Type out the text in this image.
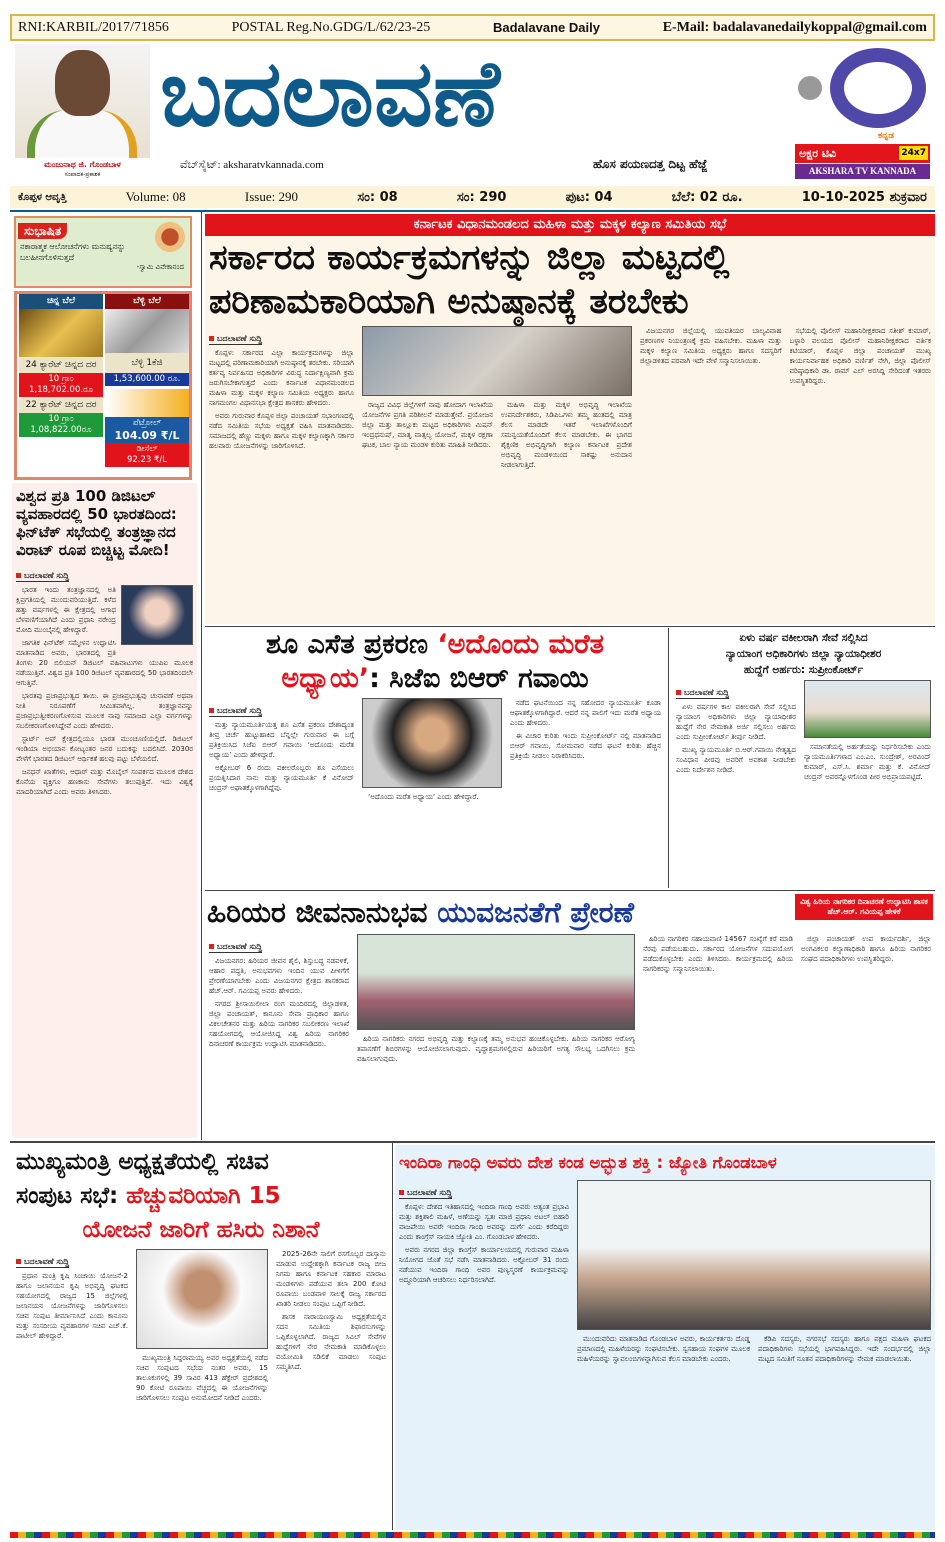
RNI:KARBIL/2017/71856	POSTAL Reg.No.GDG/L/62/23-25	Badalavane Daily	E-Mail: badalavanedailykoppal@gmail.com
ಮಂಜುನಾಥ ಜಿ. ಗೊಂಡಬಾಳ
ಸಂಪಾದಕ-ಪ್ರಕಾಶಕ
ಬದಲಾವಣೆ
ವೆಬ್‌ಸೈಟ್: aksharatvkannada.com	ಹೊಸ ಪಯಣದತ್ತ ದಿಟ್ಟ ಹೆಜ್ಜೆ
ಕನ್ನಡ
ಅಕ್ಷರ ಟಿವಿ	24x7
AKSHARA TV KANNADA
ಕೊಪ್ಪಳ ಆವೃತ್ತಿ	Volume: 08	Issue: 290	ಸಂ: 08	ಸಂ: 290	ಪುಟ: 04	ಬೆಲೆ: 02 ರೂ.	10-10-2025 ಶುಕ್ರವಾರ
ಸುಭಾಷಿತ
ನಕಾರಾತ್ಮಕ ಆಲೋಚನೆಗಳು ಮನುಷ್ಯನನ್ನು ಬಲಹೀನಗೊಳಿಸುತ್ತದೆ
-ಸ್ವಾಮಿ ವಿವೇಕಾನಂದ
ಚಿನ್ನ ಬೆಲೆ
24 ಕ್ಯಾರೆಟ್ ಚಿನ್ನದ ದರ
10 ಗ್ರಾಂ
1,18,702.00.ರೂ
22 ಕ್ಯಾರೆಟ್ ಚಿನ್ನದ ದರ
10 ಗ್ರಾಂ
1,08,822.00ರೂ
ಬೆಳ್ಳಿ ಬೆಲೆ
ಬೆಳ್ಳಿ 1ಕೆಜಿ
1,53,600.00 ರೂ.
ಪೆಟ್ರೋಲ್
104.09 ₹/L
ಡೀಸೆಲ್
92.23 ₹/L
ವಿಶ್ವದ ಪ್ರತಿ 100 ಡಿಜಿಟಲ್ ವ್ಯವಹಾರದಲ್ಲಿ 50 ಭಾರತದಿಂದ: ಫಿನ್‌ಟೆಕ್ ಸಭೆಯಲ್ಲಿ ತಂತ್ರಜ್ಞಾನದ ವಿರಾಟ್ ರೂಪ ಬಿಚ್ಚಿಟ್ಟ ಮೋದಿ!
ಬದಲಾವಣೆ ಸುದ್ದಿ

ಭಾರತ ಇಂದು ತಂತ್ರಜ್ಞಾನದಲ್ಲಿ ಅತಿ ಕ್ಷಿಪ್ರಗತಿಯಲ್ಲಿ ಮುಂದುವರಿಯುತ್ತಿದೆ. ಕಳೆದ ಹತ್ತು ವರ್ಷಗಳಲ್ಲಿ ಈ ಕ್ಷೇತ್ರದಲ್ಲಿ ಅಗಾಧ ಬೆಳವಣಿಗೆಯಾಗಿದೆ ಎಂದು ಪ್ರಧಾನಿ ನರೇಂದ್ರ ಮೋದಿ ಮುಂಬೈನಲ್ಲಿ ಹೇಳಿದ್ದಾರೆ.

ಜಾಗತಿಕ ಫಿನ್‌ಟೆಕ್ ಸಮ್ಮೇಳನ ಉದ್ಘಾಟಿಸಿ ಮಾತನಾಡಿದ ಅವರು, ಭಾರತದಲ್ಲಿ ಪ್ರತಿ ತಿಂಗಳು 20 ಬಿಲಿಯನ್ ಡಿಜಿಟಲ್ ವಹಿವಾಟುಗಳು ಯುಪಿಐ ಮೂಲಕ ನಡೆಯುತ್ತಿವೆ. ವಿಶ್ವದ ಪ್ರತಿ 100 ಡಿಜಿಟಲ್ ವ್ಯವಹಾರದಲ್ಲಿ 50 ಭಾರತದಿಂದಲೇ ಆಗುತ್ತಿವೆ.

ಭಾರತವು ಪ್ರಜಾಪ್ರಭುತ್ವದ ತಾಯಿ. ಈ ಪ್ರಜಾಪ್ರಭುತ್ವವು ಚುನಾವಣೆ ಅಥವಾ ನೀತಿ ನಿರೂಪಣೆಗೆ ಸೀಮಿತವಾಗಿಲ್ಲ. ತಂತ್ರಜ್ಞಾನವನ್ನು ಪ್ರಜಾಪ್ರಭುತ್ವೀಕರಣಗೊಳಿಸುವ ಮೂಲಕ ನಾವು ಸಮಾಜದ ಎಲ್ಲಾ ವರ್ಗಗಳನ್ನು ಸಬಲೀಕರಣಗೊಳಿಸಿದ್ದೇವೆ ಎಂದು ಹೇಳಿದರು.

ಸ್ಟಾರ್ಟ್ ಅಪ್ ಕ್ಷೇತ್ರದಲ್ಲಿಯೂ ಭಾರತ ಮುಂಚೂಣಿಯಲ್ಲಿದೆ. ಡಿಜಿಟಲ್ ಇಂಡಿಯಾ ಅಭಿಯಾನ ಕೋಟ್ಯಂತರ ಜನರ ಬದುಕನ್ನು ಬದಲಿಸಿದೆ. 2030ರ ವೇಳೆಗೆ ಭಾರತದ ಡಿಜಿಟಲ್ ಆರ್ಥಿಕತೆ ಹಲವು ಪಟ್ಟು ಬೆಳೆಯಲಿದೆ.

ಜನಧನ್ ಖಾತೆಗಳು, ಆಧಾರ್ ಮತ್ತು ಮೊಬೈಲ್ ಸಂಪರ್ಕದ ಮೂಲಕ ದೇಶದ ಕೊನೆಯ ವ್ಯಕ್ತಿಗೂ ಹಣಕಾಸು ಸೇವೆಗಳು ತಲುಪುತ್ತಿವೆ. ಇದು ವಿಶ್ವಕ್ಕೆ ಮಾದರಿಯಾಗಿದೆ ಎಂದು ಅವರು ತಿಳಿಸಿದರು.

ಕರ್ನಾಟಕ ವಿಧಾನಮಂಡಲದ ಮಹಿಳಾ ಮತ್ತು ಮಕ್ಕಳ ಕಲ್ಯಾಣ ಸಮಿತಿಯ ಸಭೆ
ಸರ್ಕಾರದ ಕಾರ್ಯಕ್ರಮಗಳನ್ನು ಜಿಲ್ಲಾ ಮಟ್ಟದಲ್ಲಿ
ಪರಿಣಾಮಕಾರಿಯಾಗಿ ಅನುಷ್ಠಾನಕ್ಕೆ ತರಬೇಕು
ಬದಲಾವಣೆ ಸುದ್ದಿ

ಕೊಪ್ಪಳ: ಸರ್ಕಾರದ ಎಲ್ಲಾ ಕಾರ್ಯಕ್ರಮಗಳನ್ನು ಜಿಲ್ಲಾ ಮಟ್ಟದಲ್ಲಿ ಪರಿಣಾಮಕಾರಿಯಾಗಿ ಅನುಷ್ಠಾನಕ್ಕೆ ತರಬೇಕು. ಸರಿಯಾಗಿ ಕರ್ತವ್ಯ ನಿರ್ವಹಿಸದ ಅಧಿಕಾರಿಗಳ ವಿರುದ್ಧ ನಿರ್ದಾಕ್ಷಿಣ್ಯವಾಗಿ ಕ್ರಮ ಜರುಗಿಸಬೇಕಾಗುತ್ತದೆ ಎಂದು ಕರ್ನಾಟಕ ವಿಧಾನಮಂಡಲದ ಮಹಿಳಾ ಮತ್ತು ಮಕ್ಕಳ ಕಲ್ಯಾಣ ಸಮಿತಿಯ ಅಧ್ಯಕ್ಷರು ಹಾಗೂ ನಾಗಮಂಗಲ ವಿಧಾನಸಭಾ ಕ್ಷೇತ್ರದ ಶಾಸಕರು ಹೇಳಿದರು.

ಅವರು ಗುರುವಾರ ಕೊಪ್ಪಳ ಜಿಲ್ಲಾ ಪಂಚಾಯತ್ ಸಭಾಂಗಣದಲ್ಲಿ ನಡೆದ ಸಮಿತಿಯ ಸಭೆಯ ಅಧ್ಯಕ್ಷತೆ ವಹಿಸಿ ಮಾತನಾಡಿದರು. ಸಮಾಜದಲ್ಲಿ ಹೆಣ್ಣು ಮಕ್ಕಳು ಹಾಗೂ ಮಕ್ಕಳ ಕಲ್ಯಾಣಕ್ಕಾಗಿ ಸರ್ಕಾರ ಹಲವಾರು ಯೋಜನೆಗಳನ್ನು ಜಾರಿಗೊಳಿಸಿದೆ.

ರಾಜ್ಯದ ವಿವಿಧ ಜಿಲ್ಲೆಗಳಿಗೆ ನಾವು ಹೋದಾಗ ಇಲಾಖೆಯ ಯೋಜನೆಗಳ ಪ್ರಗತಿ ಪರಿಶೀಲನೆ ಮಾಡುತ್ತೇವೆ. ಪ್ರಯೋಜನ ಜಿಲ್ಲಾ ಮತ್ತು ತಾಲ್ಲೂಕು ಮಟ್ಟದ ಅಧಿಕಾರಿಗಳು ಮಿಷನ್ ಇಂದ್ರಧನುಷ್, ಮಾತೃ ವಾತ್ಸಲ್ಯ ಯೋಜನೆ, ಮಕ್ಕಳ ರಕ್ಷಣಾ ಘಟಕ, ಬಾಲ ನ್ಯಾಯ ಮಂಡಳಿ ಕುರಿತು ಮಾಹಿತಿ ನೀಡಿದರು.

ಮಹಿಳಾ ಮತ್ತು ಮಕ್ಕಳ ಅಭಿವೃದ್ಧಿ ಇಲಾಖೆಯ ಉಪನಿರ್ದೇಶಕರು, ಸಿಡಿಪಿಒಗಳು ತಮ್ಮ ಹಂತದಲ್ಲಿ ಮಾತ್ರ ಕೆಲಸ ಮಾಡದೇ ಇತರೆ ಇಲಾಖೆಗಳೊಂದಿಗೆ ಸಮನ್ವಯತೆಯೊಂದಿಗೆ ಕೆಲಸ ಮಾಡಬೇಕು. ಈ ಭಾಗದ ಶೈಕ್ಷಣಿಕ ಅಭಿವೃದ್ಧಿಗಾಗಿ ಕಲ್ಯಾಣ ಕರ್ನಾಟಕ ಪ್ರದೇಶ ಅಭಿವೃದ್ಧಿ ಮಂಡಳಿಯಿಂದ ಸಾಕಷ್ಟು ಅನುದಾನ ನೀಡಲಾಗುತ್ತಿದೆ.

ವಿಜಯನಗರ ಜಿಲ್ಲೆಯಲ್ಲಿ ಯುವತಿಯರ ಬಾಲ್ಯವಿವಾಹ ಪ್ರಕರಣಗಳ ನಿಯಂತ್ರಣಕ್ಕೆ ಕ್ರಮ ವಹಿಸಬೇಕು. ಮಹಿಳಾ ಮತ್ತು ಮಕ್ಕಳ ಕಲ್ಯಾಣ ಸಮಿತಿಯ ಅಧ್ಯಕ್ಷರು ಹಾಗೂ ಸದಸ್ಯರಿಗೆ ಜಿಲ್ಲಾಡಳಿತದ ಪರವಾಗಿ ಇದೇ ವೇಳೆ ಸನ್ಮಾನಿಸಲಾಯಿತು.

ಸಭೆಯಲ್ಲಿ ಪೊಲೀಸ್ ಮಹಾನಿರೀಕ್ಷಕರಾದ ಸತೀಶ್ ಕುಮಾರ್, ಬಳ್ಳಾರಿ ವಲಯದ ಪೊಲೀಸ್ ಮಹಾನಿರೀಕ್ಷಕರಾದ ವರ್ತಿಕ ಕಟಿಯಾರ್, ಕೊಪ್ಪಳ ಜಿಲ್ಲಾ ಪಂಚಾಯತ್ ಮುಖ್ಯ ಕಾರ್ಯನಿರ್ವಾಹಕ ಅಧಿಕಾರಿ ವರ್ಣಿತ್ ನೇಗಿ, ಜಿಲ್ಲಾ ಪೊಲೀಸ್ ವರಿಷ್ಠಾಧಿಕಾರಿ ಡಾ. ರಾಮ್ ಎಲ್ ಅರಸಿದ್ದಿ ಸೇರಿದಂತೆ ಇತರರು ಉಪಸ್ಥಿತರಿದ್ದರು.

ಶೂ ಎಸೆತ ಪ್ರಕರಣ ‘ಅದೊಂದು ಮರೆತ
ಅಧ್ಯಾಯ’: ಸಿಜೆಐ ಬಿಆರ್ ಗವಾಯಿ
ಬದಲಾವಣೆ ಸುದ್ದಿ

ಮತ್ತು ನ್ಯಾಯಮೂರ್ತಿಯತ್ತ ಶೂ ಎಸೆತ ಪ್ರಕರಣ ದೇಶಾದ್ಯಂತ ತೀವ್ರ ಚರ್ಚೆ ಹುಟ್ಟುಹಾಕಿದ ಬೆನ್ನಲ್ಲೇ ಗುರುವಾರ ಈ ಬಗ್ಗೆ ಪ್ರತಿಕ್ರಿಯಿಸಿದ ಸಿಜೆಐ ಬಿಆರ್ ಗವಾಯಿ ‘ಅದೊಂದು ಮರೆತ ಅಧ್ಯಾಯ’ ಎಂದು ಹೇಳಿದ್ದಾರೆ.

ಅಕ್ಟೋಬರ್ 6 ರಂದು ವಕೀಲರೊಬ್ಬರು ಶೂ ಎಸೆಯಲು ಪ್ರಯತ್ನಿಸಿದಾಗ ನಾನು ಮತ್ತು ನ್ಯಾಯಮೂರ್ತಿ ಕೆ ವಿನೋದ್ ಚಂದ್ರನ್ ಅಘಾತಕ್ಕೊಳಗಾಗಿದ್ದೆವು.

‘ಅದೊಂದು ಮರೆತ ಅಧ್ಯಾಯ’ ಎಂದು ಹೇಳಿದ್ದಾರೆ.

ನಡೆದ ಘಟನೆಯಿಂದ ನನ್ನ ಸಹೋದರ ನ್ಯಾಯಮೂರ್ತಿ ಕೂಡಾ ಆಘಾತಕ್ಕೊಳಗಾಗಿದ್ದಾರೆ. ಆದರೆ ನನ್ನ ಪಾಲಿಗೆ ಇದು ಮರೆತ ಅಧ್ಯಾಯ ಎಂದು ಹೇಳಿದರು.

ಈ ವಿಚಾರ ಕುರಿತು ಇಂದು ಸುಪ್ರೀಂಕೋರ್ಟ್ ನಲ್ಲಿ ಮಾತನಾಡಿದ ಬಿಆರ್ ಗವಾಯಿ, ಸೋಮವಾರ ನಡೆದ ಘಟನೆ ಕುರಿತು ಹೆಚ್ಚಿನ ಪ್ರತಿಕ್ರಿಯೆ ನೀಡಲು ನಿರಾಕರಿಸಿದರು.

ಏಳು ವರ್ಷ ವಕೀಲರಾಗಿ ಸೇವೆ ಸಲ್ಲಿಸಿದ
ನ್ಯಾಯಾಂಗ ಅಧಿಕಾರಿಗಳು ಜಿಲ್ಲಾ ನ್ಯಾಯಾಧೀಶರ
ಹುದ್ದೆಗೆ ಅರ್ಹರು: ಸುಪ್ರೀಂಕೋರ್ಟ್
ಬದಲಾವಣೆ ಸುದ್ದಿ

ಏಳು ವರ್ಷಗಳ ಕಾಲ ವಕೀಲರಾಗಿ ಸೇವೆ ಸಲ್ಲಿಸಿದ ನ್ಯಾಯಾಂಗ ಅಧಿಕಾರಿಗಳು ಜಿಲ್ಲಾ ನ್ಯಾಯಾಧೀಶರ ಹುದ್ದೆಗೆ ನೇರ ನೇಮಕಾತಿ ಅರ್ಜಿ ಸಲ್ಲಿಸಲು ಅರ್ಹರು ಎಂದು ಸುಪ್ರೀಂಕೋರ್ಟ್ ತೀರ್ಪು ನೀಡಿದೆ.

ಮುಖ್ಯ ನ್ಯಾಯಮೂರ್ತಿ ಬಿ.ಆರ್.ಗವಾಯಿ ನೇತೃತ್ವದ ಸಂವಿಧಾನ ಪೀಠವು ಅವರಿಗೆ ಅವಕಾಶ ನೀಡಬೇಕು ಎಂದು ನಿರ್ದೇಶನ ನೀಡಿದೆ.

ಸಮಾನತೆಯಲ್ಲಿ ಅರ್ಹತೆಯನ್ನು ನಿರ್ಧರಿಸಬೇಕು ಎಂದು ನ್ಯಾಯಮೂರ್ತಿಗಳಾದ ಎಂ.ಎಂ. ಸುಂದ್ರೇಶ್, ಅರವಿಂದ್ ಕುಮಾರ್, ಎಸ್.ಸಿ. ಶರ್ಮಾ ಮತ್ತು ಕೆ. ವಿನೋದ್ ಚಂದ್ರನ್ ಅವರನ್ನೊಳಗೊಂಡ ಪೀಠ ಅಭಿಪ್ರಾಯಪಟ್ಟಿದೆ.

ಹಿರಿಯರ ಜೀವನಾನುಭವ ಯುವಜನತೆಗೆ ಪ್ರೇರಣೆ	ವಿಶ್ವ ಹಿರಿಯ ನಾಗರಿಕರ ದಿನಾಚರಣೆ ಉದ್ಘಾಟಿಸಿ ಶಾಸಕ ಹೆಚ್.ಆರ್. ಗವಿಯಪ್ಪ ಹೇಳಿಕೆ
ಬದಲಾವಣೆ ಸುದ್ದಿ

ವಿಜಯನಗರ: ಹಿರಿಯರ ಜೀವನ ಶೈಲಿ, ಶಿಸ್ತುಬದ್ಧ ನಡವಳಿಕೆ, ಆಹಾರ ಪದ್ಧತಿ, ಅನುಭವಗಳು ಇಂದಿನ ಯುವ ಪೀಳಿಗೆಗೆ ಪ್ರೇರಣೆಯಾಗಬೇಕು ಎಂದು ವಿಜಯನಗರ ಕ್ಷೇತ್ರದ ಶಾಸಕರಾದ ಹೆಚ್.ಆರ್. ಗವಿಯಪ್ಪ ಅವರು ಹೇಳಿದರು.

ನಗರದ ಶ್ರೀಸಾಯಿಲೀಲಾ ರಂಗ ಮಂದಿರದಲ್ಲಿ ಜಿಲ್ಲಾಡಳಿತ, ಜಿಲ್ಲಾ ಪಂಚಾಯತ್, ಕಾನೂನು ಸೇವಾ ಪ್ರಾಧಿಕಾರ ಹಾಗೂ ವಿಕಲಚೇತನರ ಮತ್ತು ಹಿರಿಯ ನಾಗರಿಕರ ಸಬಲೀಕರಣ ಇಲಾಖೆ ಸಹಯೋಗದಲ್ಲಿ ಆಯೋಜಿಸಿದ್ದ ವಿಶ್ವ ಹಿರಿಯ ನಾಗರಿಕರ ದಿನಾಚರಣೆ ಕಾರ್ಯಕ್ರಮ ಉದ್ಘಾಟಿಸಿ ಮಾತನಾಡಿದರು.

ಹಿರಿಯ ನಾಗರಿಕರು ನಗರದ ಅಭಿವೃದ್ಧಿ ಮತ್ತು ಕಲ್ಯಾಣಕ್ಕೆ ತಮ್ಮ ಅನುಭವ ಹಂಚಿಕೊಳ್ಳಬೇಕು. ಹಿರಿಯ ನಾಗರಿಕರ ಆರೋಗ್ಯ ತಪಾಸಣೆಗೆ ಶಿಬಿರಗಳನ್ನು ಆಯೋಜಿಸಲಾಗುವುದು. ವೃದ್ಧಾಶ್ರಮಗಳಲ್ಲಿರುವ ಹಿರಿಯರಿಗೆ ಅಗತ್ಯ ಸೌಲಭ್ಯ ಒದಗಿಸಲು ಕ್ರಮ ವಹಿಸಲಾಗುವುದು.

ಹಿರಿಯ ನಾಗರಿಕರ ಸಹಾಯವಾಣಿ 14567 ಸಂಖ್ಯೆಗೆ ಕರೆ ಮಾಡಿ ನೆರವು ಪಡೆಯಬಹುದು. ಸರ್ಕಾರದ ಯೋಜನೆಗಳ ಸದುಪಯೋಗ ಪಡೆದುಕೊಳ್ಳಬೇಕು ಎಂದು ತಿಳಿಸಿದರು. ಕಾರ್ಯಕ್ರಮದಲ್ಲಿ ಹಿರಿಯ ನಾಗರಿಕರನ್ನು ಸನ್ಮಾನಿಸಲಾಯಿತು.

ಜಿಲ್ಲಾ ಪಂಚಾಯತ್ ಉಪ ಕಾರ್ಯದರ್ಶಿ, ಜಿಲ್ಲಾ ಅಂಗವಿಕಲರ ಕಲ್ಯಾಣಾಧಿಕಾರಿ ಹಾಗೂ ಹಿರಿಯ ನಾಗರಿಕರ ಸಂಘದ ಪದಾಧಿಕಾರಿಗಳು ಉಪಸ್ಥಿತರಿದ್ದರು.

ಮುಖ್ಯಮಂತ್ರಿ ಅಧ್ಯಕ್ಷತೆಯಲ್ಲಿ ಸಚಿವ
ಸಂಪುಟ ಸಭೆ: ಹೆಚ್ಚುವರಿಯಾಗಿ 15
ಯೋಜನೆ ಜಾರಿಗೆ ಹಸಿರು ನಿಶಾನೆ
ಬದಲಾವಣೆ ಸುದ್ದಿ

ಪ್ರಧಾನ ಮಂತ್ರಿ ಕೃಷಿ ಸಿಂಚಾಯಿ ಯೋಜನೆ-2 ಹಾಗೂ ಜಲಾನಯನ ಕೃಷಿ ಅಭಿವೃದ್ಧಿ ಘಟಕದ ಸಹಯೋಗದಲ್ಲಿ ರಾಜ್ಯದ 15 ಜಿಲ್ಲೆಗಳಲ್ಲಿ ಜಲಾನಯನ ಯೋಜನೆಗಳನ್ನು ಜಾರಿಗೊಳಿಸಲು ಸಚಿವ ಸಂಪುಟ ತೀರ್ಮಾನಿಸಿದೆ ಎಂದು ಕಾನೂನು ಮತ್ತು ಸಂಸದೀಯ ವ್ಯವಹಾರಗಳ ಸಚಿವ ಎಚ್.ಕೆ. ಪಾಟೀಲ್ ಹೇಳಿದ್ದಾರೆ.

ಮುಖ್ಯಮಂತ್ರಿ ಸಿದ್ದರಾಮಯ್ಯ ಅವರ ಅಧ್ಯಕ್ಷತೆಯಲ್ಲಿ ನಡೆದ ಸಚಿವ ಸಂಪುಟದ ಸಭೆಯ ನಂತರ ಅವರು, 15 ತಾಲೂಕುಗಳಲ್ಲಿ 39 ಸಾವಿರ 413 ಹೆಕ್ಟೇರ್ ಪ್ರದೇಶದಲ್ಲಿ 90 ಕೋಟಿ ರೂಪಾಯಿ ವೆಚ್ಚದಲ್ಲಿ ಈ ಯೋಜನೆಗಳನ್ನು ಜಾರಿಗೊಳಿಸಲು ಸಂಪುಟ ಅನುಮೋದನೆ ನೀಡಿದೆ ಎಂದರು.

2025-26ನೇ ಸಾಲಿಗೆ ರಸಗೊಬ್ಬರ ದಾಸ್ತಾನು ಮಾಡುವ ಉದ್ದೇಶಕ್ಕಾಗಿ ಕರ್ನಾಟಕ ರಾಜ್ಯ ಬೀಜ ನಿಗಮ ಹಾಗೂ ಕರ್ನಾಟಕ ಸಹಕಾರ ಮಾರಾಟ ಮಂಡಳಿಗಳು ಪಡೆಯುವ ತಲಾ 200 ಕೋಟಿ ರೂಪಾಯಿ ಬಂಡವಾಳ ಸಾಲಕ್ಕೆ ರಾಜ್ಯ ಸರ್ಕಾರದ ಖಾತರಿ ನೀಡಲು ಸಂಪುಟ ಒಪ್ಪಿಗೆ ನೀಡಿದೆ.

ಶಾಸಕ ನಾರಾಯಣಸ್ವಾಮಿ ಅಧ್ಯಕ್ಷತೆಯಲ್ಲಿನ ಸದನ ಸಮಿತಿಯ ಶಿಫಾರಸುಗಳನ್ನು ಒಪ್ಪಿಕೊಳ್ಳಲಾಗಿದೆ. ರಾಜ್ಯದ ಸಿವಿಲ್ ಸೇವೆಗಳ ಹುದ್ದೆಗಳಿಗೆ ನೇರ ನೇಮಕಾತಿ ಮಾಡಿಕೊಳ್ಳಲು ವಯೋಮಿತಿ ಸಡಿಲಿಕೆ ಮಾಡಲು ಸಂಪುಟ ಸಮ್ಮತಿಸಿದೆ.

ಇಂದಿರಾ ಗಾಂಧಿ ಅವರು ದೇಶ ಕಂಡ ಅದ್ಭುತ ಶಕ್ತಿ : ಜ್ಯೋತಿ ಗೊಂಡಬಾಳ
ಬದಲಾವಣೆ ಸುದ್ದಿ

ಕೊಪ್ಪಳ: ದೇಶದ ಇತಿಹಾಸದಲ್ಲಿ ಇಂದಿರಾ ಗಾಂಧಿ ಅವರು ಅತ್ಯಂತ ಪ್ರಭಾವಿ ಮತ್ತು ಶಕ್ತಿಶಾಲಿ ಮಹಿಳೆ, ಅಣೆಯನ್ನು ಸ್ವತಃ ಮಾಜಿ ಪ್ರಧಾನಿ ಅಟಲ್ ಬಿಹಾರಿ ವಾಜಪೇಯಿ ಅವರೇ ಇಂದಿರಾ ಗಾಂಧಿ ಅವರನ್ನು ದುರ್ಗೆ ಎಂದು ಕರೆದಿದ್ದರು ಎಂದು ಕಾಂಗ್ರೆಸ್ ನಾಯಕಿ ಜ್ಯೋತಿ ಎಂ. ಗೊಂಡಬಾಳ ಹೇಳಿದರು.

ಅವರು ನಗರದ ಜಿಲ್ಲಾ ಕಾಂಗ್ರೆಸ್ ಕಾರ್ಯಾಲಯದಲ್ಲಿ ಗುರುವಾರ ಮಹಿಳಾ ನಿಯೋಗದ ಜೊತೆ ಸಭೆ ನಡೆಸಿ ಮಾತನಾಡಿದರು. ಅಕ್ಟೋಬರ್ 31 ರಂದು ನಡೆಯುವ ಇಂದಿರಾ ಗಾಂಧಿ ಅವರ ಪುಣ್ಯಸ್ಮರಣೆ ಕಾರ್ಯಕ್ರಮವನ್ನು ಅದ್ಧೂರಿಯಾಗಿ ಆಚರಿಸಲು ನಿರ್ಧರಿಸಲಾಗಿದೆ.

ಮುಂದುವರಿದು ಮಾತನಾಡಿದ ಗೊಂಡಬಾಳ ಅವರು, ಕಾರ್ಯಕರ್ತರು ದೊಡ್ಡ ಪ್ರಮಾಣದಲ್ಲಿ ಮಹಿಳೆಯರನ್ನು ಸಂಘಟಿಸಬೇಕು. ಸ್ವಸಹಾಯ ಸಂಘಗಳ ಮೂಲಕ ಮಹಿಳೆಯರನ್ನು ಸ್ವಾವಲಂಬಿಗಳನ್ನಾಗಿಸುವ ಕೆಲಸ ಮಾಡಬೇಕು ಎಂದರು.

ಕೆಡಿಪಿ ಸದಸ್ಯರು, ನಗರಸಭೆ ಸದಸ್ಯರು ಹಾಗೂ ಪಕ್ಷದ ಮಹಿಳಾ ಘಟಕದ ಪದಾಧಿಕಾರಿಗಳು ಸಭೆಯಲ್ಲಿ ಭಾಗವಹಿಸಿದ್ದರು. ಇದೇ ಸಂದರ್ಭದಲ್ಲಿ ಜಿಲ್ಲಾ ಮಟ್ಟದ ಸಮಿತಿಗೆ ನೂತನ ಪದಾಧಿಕಾರಿಗಳನ್ನು ನೇಮಕ ಮಾಡಲಾಯಿತು.
